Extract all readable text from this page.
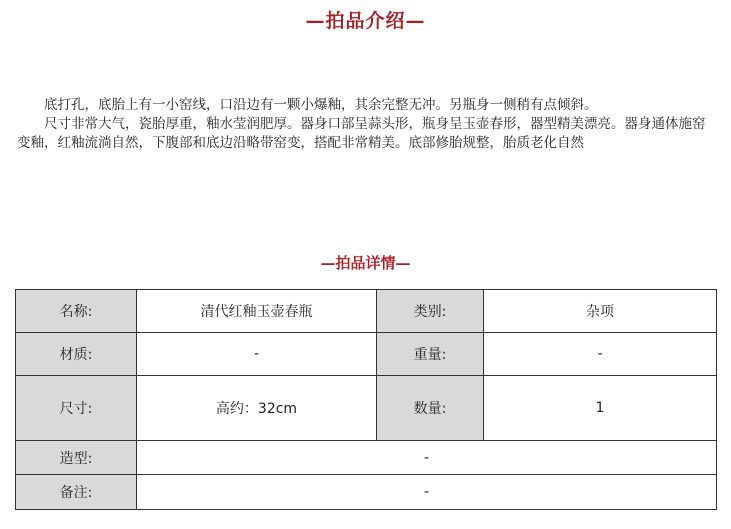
—拍品介绍—

底打孔，底胎上有一小窑线，口沿边有一颗小爆釉，其余完整无冲。另瓶身一侧稍有点倾斜。

尺寸非常大气，瓷胎厚重，釉水莹润肥厚。器身口部呈蒜头形，瓶身呈玉壶春形，器型精美漂亮。器身通体施窑变釉，红釉流淌自然，下腹部和底边沿略带窑变，搭配非常精美。底部修胎规整，胎质老化自然

—拍品详情—
名称:	清代红釉玉壶春瓶	类别:	杂项
材质:	-	重量:	-
尺寸:	高约：32cm	数量:	1
造型:	-		
备注:	-		
